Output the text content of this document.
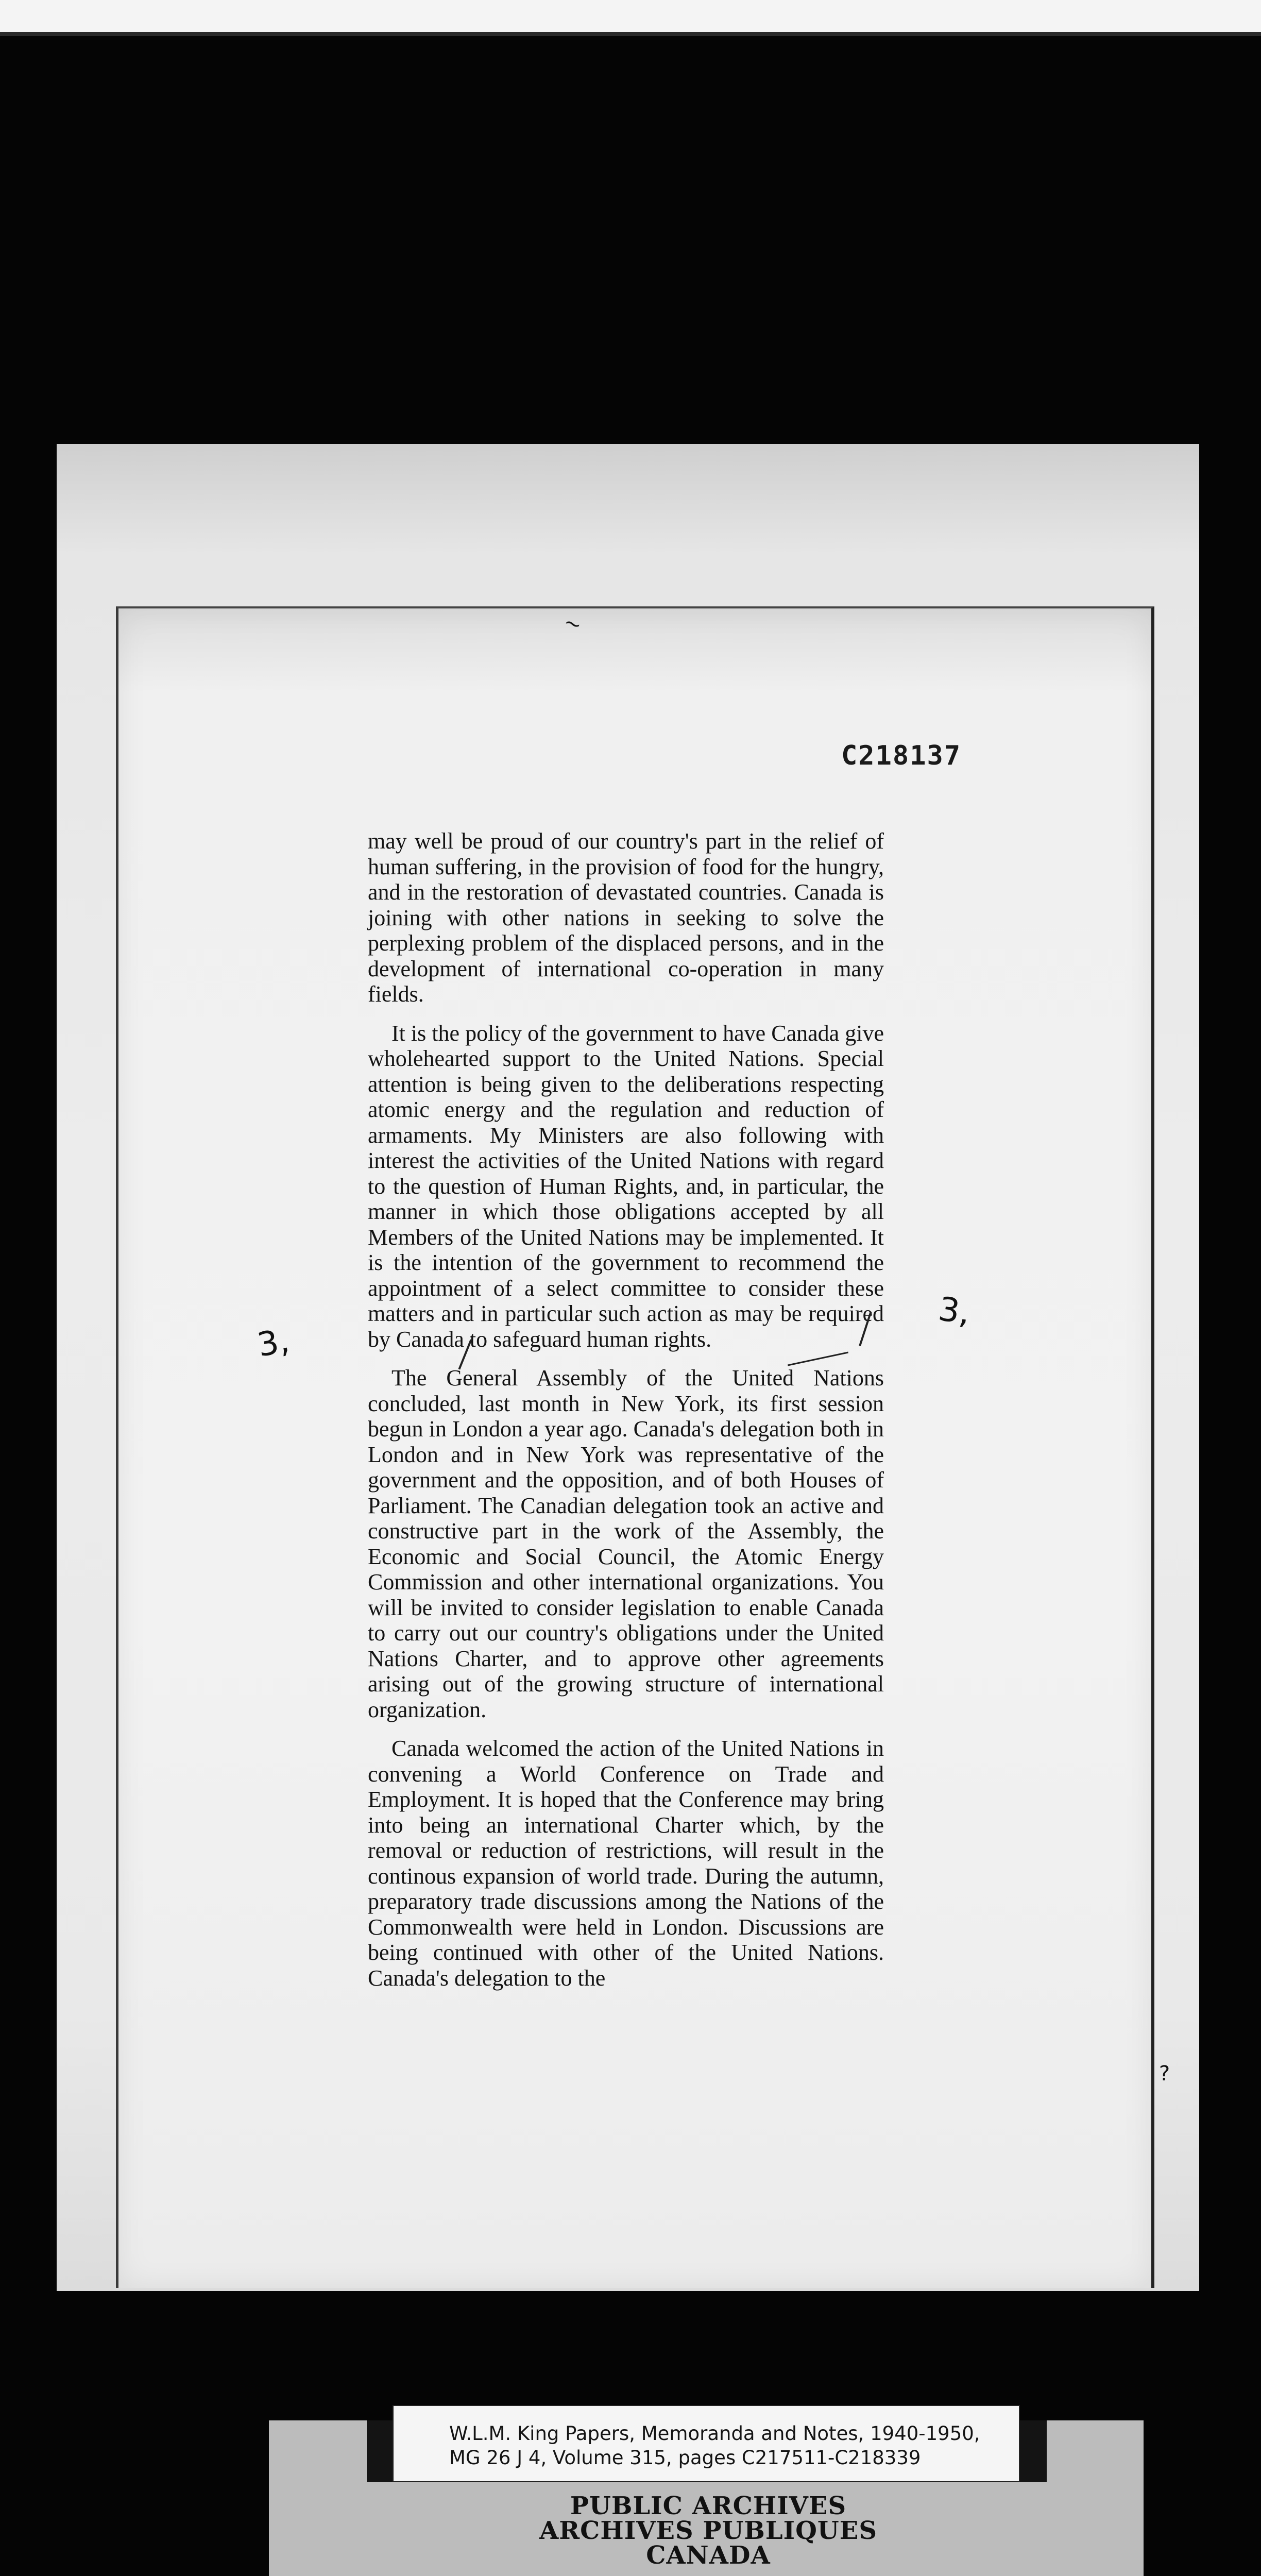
~
C218137

may well be proud of our country's part in the relief of human suffering, in the provision of food for the hungry, and in the restoration of devastated countries. Canada is joining with other nations in seeking to solve the perplexing problem of the displaced persons, and in the development of international co-operation in many fields.

It is the policy of the government to have Canada give wholehearted support to the United Nations. Special attention is being given to the deliberations respecting atomic energy and the regulation and reduction of armaments. My Ministers are also following with interest the activities of the United Nations with regard to the question of Human Rights, and, in particular, the manner in which those obligations accepted by all Members of the United Nations may be implemented. It is the intention of the government to recommend the appointment of a select committee to consider these matters and in particular such action as may be required by Canada to safeguard human rights.

The General Assembly of the United Nations concluded, last month in New York, its first session begun in London a year ago. Canada's delegation both in London and in New York was representative of the government and the opposition, and of both Houses of Parliament. The Canadian delegation took an active and constructive part in the work of the Assembly, the Economic and Social Council, the Atomic Energy Commission and other international organizations. You will be invited to consider legislation to enable Canada to carry out our country's obligations under the United Nations Charter, and to approve other agreements arising out of the growing structure of international organization.

Canada welcomed the action of the United Nations in convening a World Conference on Trade and Employment. It is hoped that the Conference may bring into being an international Charter which, by the removal or reduction of restrictions, will result in the continous expansion of world trade. During the autumn, preparatory trade discussions among the Nations of the Commonwealth were held in London. Discussions are being continued with other of the United Nations. Canada's delegation to the

3,
3,
?
W.L.M. King Papers, Memoranda and Notes, 1940-1950,
MG 26 J 4, Volume 315, pages C217511-C218339
PUBLIC ARCHIVES
ARCHIVES PUBLIQUES
CANADA
